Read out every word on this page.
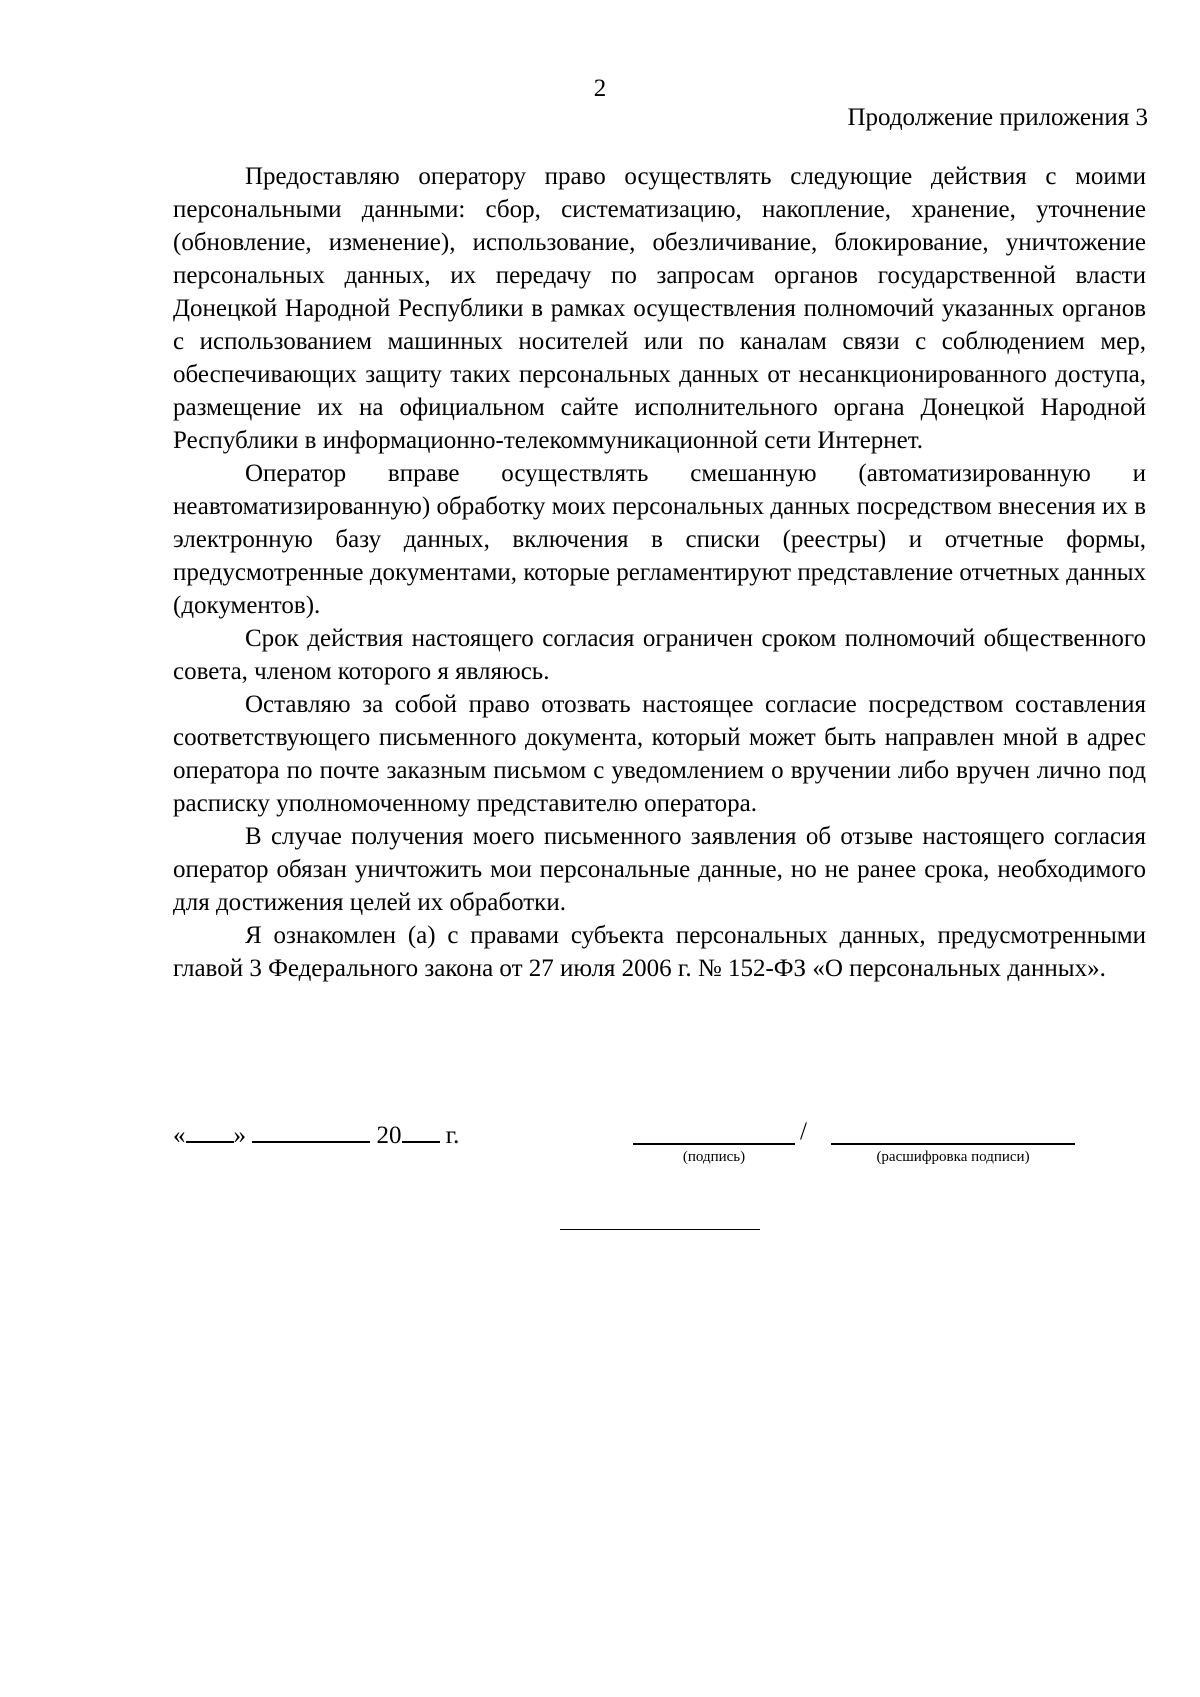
2
Продолжение приложения 3

Предоставляю оператору право осуществлять следующие действия с моими персональными данными: сбор, систематизацию, накопление, хранение, уточнение (обновление, изменение), использование, обезличивание, блокирование, уничтожение персональных данных, их передачу по запросам органов государственной власти Донецкой Народной Республики в рамках осуществления полномочий указанных органов с использованием машинных носителей или по каналам связи с соблюдением мер, обеспечивающих защиту таких персональных данных от несанкционированного доступа, размещение их на официальном сайте исполнительного органа Донецкой Народной Республики в информационно-телекоммуникационной сети Интернет.

Оператор вправе осуществлять смешанную (автоматизированную и неавтоматизированную) обработку моих персональных данных посредством внесения их в электронную базу данных, включения в списки (реестры) и отчетные формы, предусмотренные документами, которые регламентируют представление отчетных данных (документов).

Срок действия настоящего согласия ограничен сроком полномочий общественного совета, членом которого я являюсь.

Оставляю за собой право отозвать настоящее согласие посредством составления соответствующего письменного документа, который может быть направлен мной в адрес оператора по почте заказным письмом с уведомлением о вручении либо вручен лично под расписку уполномоченному представителю оператора.

В случае получения моего письменного заявления об отзыве настоящего согласия оператор обязан уничтожить мои персональные данные, но не ранее срока, необходимого для достижения целей их обработки.

Я ознакомлен (а) с правами субъекта персональных данных, предусмотренными главой 3 Федерального закона от 27 июля 2006 г. № 152-ФЗ «О персональных данных».

« »	20 г.	/
(подпись)	(расшифровка подписи)
